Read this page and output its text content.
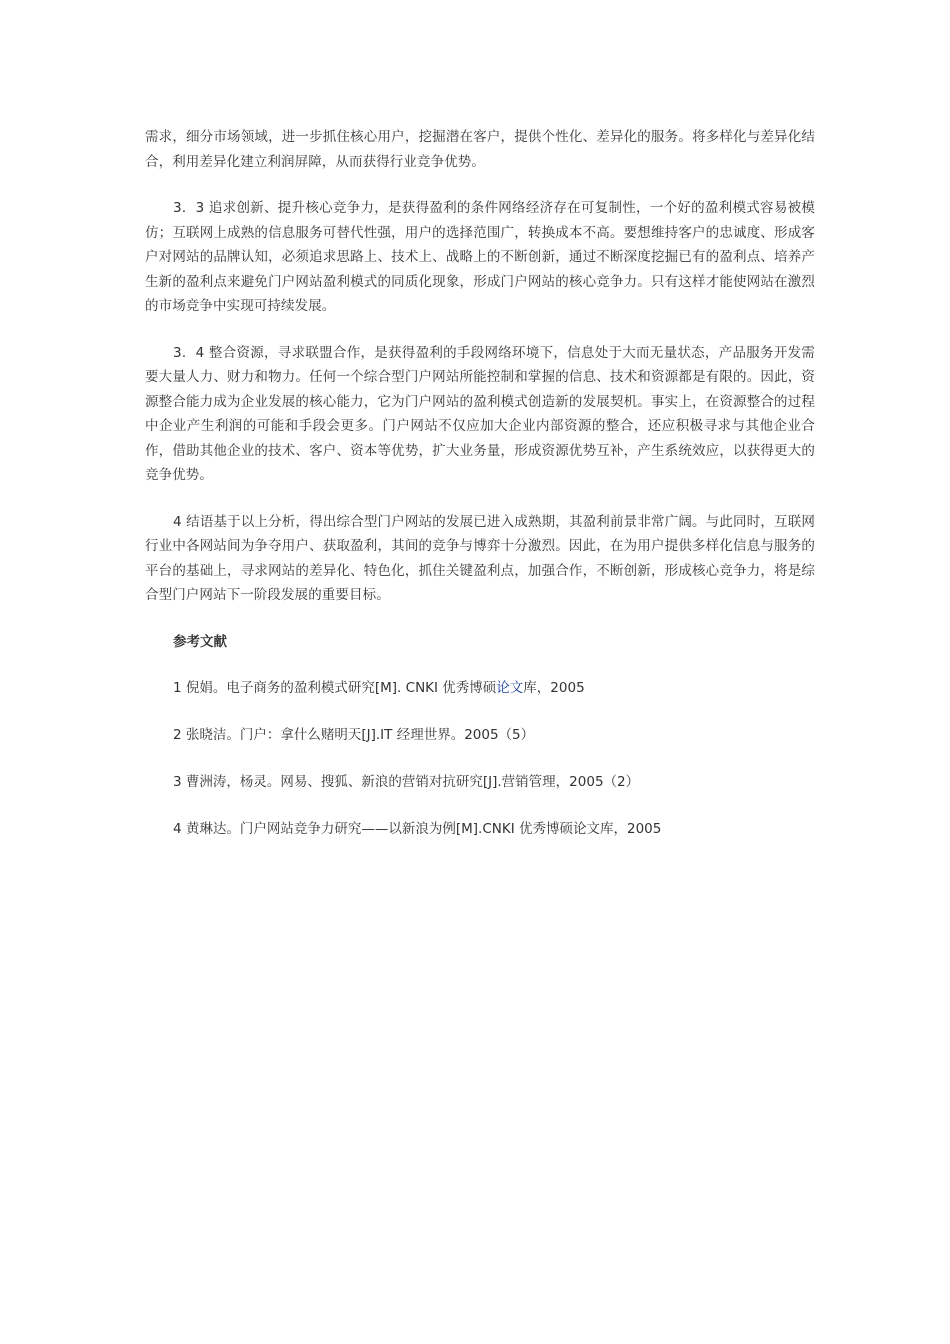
需求，细分市场领域，进一步抓住核心用户，挖掘潜在客户，提供个性化、差异化的服务。将多样化与差异化结合，利用差异化建立利润屏障，从而获得行业竞争优势。

3．3 追求创新、提升核心竞争力，是获得盈利的条件网络经济存在可复制性，一个好的盈利模式容易被模仿；互联网上成熟的信息服务可替代性强，用户的选择范围广，转换成本不高。要想维持客户的忠诚度、形成客户对网站的品牌认知，必须追求思路上、技术上、战略上的不断创新，通过不断深度挖掘已有的盈利点、培养产生新的盈利点来避免门户网站盈利模式的同质化现象，形成门户网站的核心竞争力。只有这样才能使网站在激烈的市场竞争中实现可持续发展。

3．4 整合资源，寻求联盟合作，是获得盈利的手段网络环境下，信息处于大而无量状态，产品服务开发需要大量人力、财力和物力。任何一个综合型门户网站所能控制和掌握的信息、技术和资源都是有限的。因此，资源整合能力成为企业发展的核心能力，它为门户网站的盈利模式创造新的发展契机。事实上，在资源整合的过程中企业产生利润的可能和手段会更多。门户网站不仅应加大企业内部资源的整合，还应积极寻求与其他企业合作，借助其他企业的技术、客户、资本等优势，扩大业务量，形成资源优势互补，产生系统效应，以获得更大的竞争优势。

4 结语基于以上分析，得出综合型门户网站的发展已进入成熟期，其盈利前景非常广阔。与此同时，互联网行业中各网站间为争夺用户、获取盈利，其间的竞争与博弈十分激烈。因此，在为用户提供多样化信息与服务的平台的基础上，寻求网站的差异化、特色化，抓住关键盈利点，加强合作，不断创新，形成核心竞争力，将是综合型门户网站下一阶段发展的重要目标。

参考文献
1 倪娟。电子商务的盈利模式研究[M]. CNKI 优秀博硕论文库，2005
2 张晓洁。门户：拿什么赌明天[J].IT 经理世界。2005（5）
3 曹洲涛，杨灵。网易、搜狐、新浪的营销对抗研究[J].营销管理，2005（2）
4 黄琳达。门户网站竞争力研究——以新浪为例[M].CNKI 优秀博硕论文库，2005
